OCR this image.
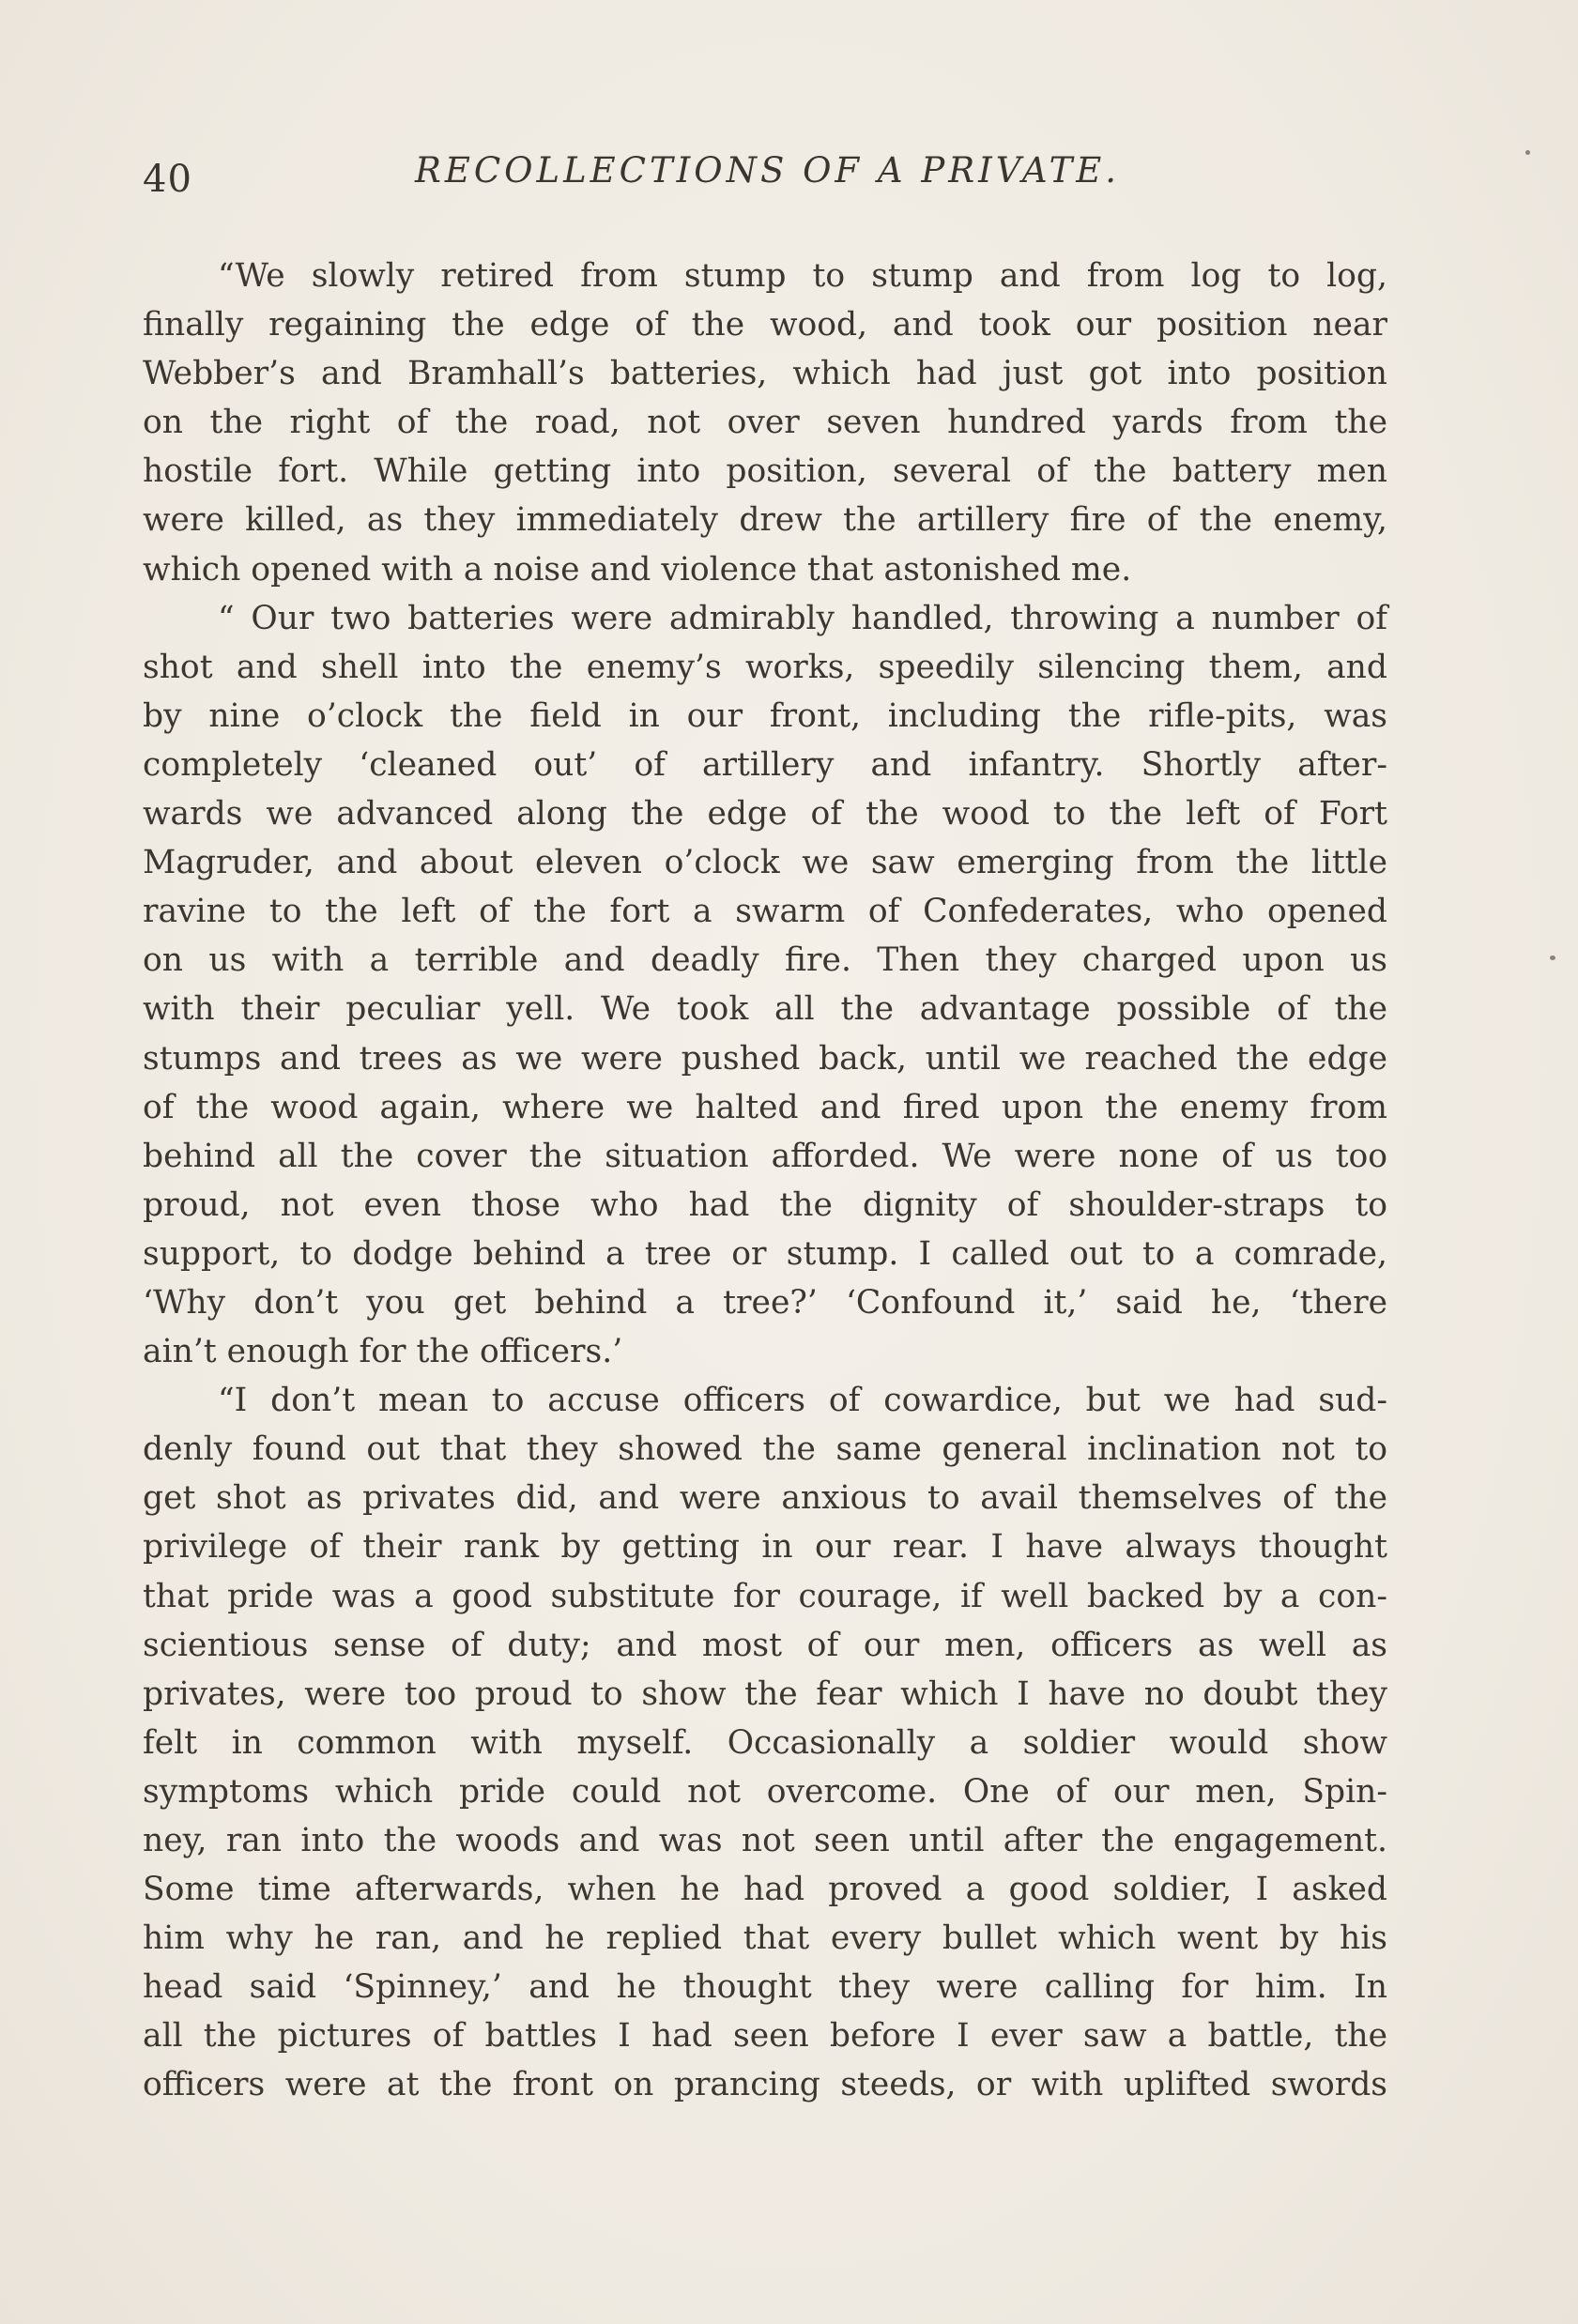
40	RECOLLECTIONS OF A PRIVATE.
“We slowly retired from stump to stump and from log to log,
finally regaining the edge of the wood, and took our position near
Webber’s and Bramhall’s batteries, which had just got into position
on the right of the road, not over seven hundred yards from the
hostile fort. While getting into position, several of the battery men
were killed, as they immediately drew the artillery fire of the enemy,
which opened with a noise and violence that astonished me.
“ Our two batteries were admirably handled, throwing a number of
shot and shell into the enemy’s works, speedily silencing them, and
by nine o’clock the field in our front, including the rifle-pits, was
completely ‘cleaned out’ of artillery and infantry. Shortly after-
wards we advanced along the edge of the wood to the left of Fort
Magruder, and about eleven o’clock we saw emerging from the little
ravine to the left of the fort a swarm of Confederates, who opened
on us with a terrible and deadly fire. Then they charged upon us
with their peculiar yell. We took all the advantage possible of the
stumps and trees as we were pushed back, until we reached the edge
of the wood again, where we halted and fired upon the enemy from
behind all the cover the situation afforded. We were none of us too
proud, not even those who had the dignity of shoulder-straps to
support, to dodge behind a tree or stump. I called out to a comrade,
‘Why don’t you get behind a tree?’ ‘Confound it,’ said he, ‘there
ain’t enough for the officers.’
“I don’t mean to accuse officers of cowardice, but we had sud-
denly found out that they showed the same general inclination not to
get shot as privates did, and were anxious to avail themselves of the
privilege of their rank by getting in our rear. I have always thought
that pride was a good substitute for courage, if well backed by a con-
scientious sense of duty; and most of our men, officers as well as
privates, were too proud to show the fear which I have no doubt they
felt in common with myself. Occasionally a soldier would show
symptoms which pride could not overcome. One of our men, Spin-
ney, ran into the woods and was not seen until after the engagement.
Some time afterwards, when he had proved a good soldier, I asked
him why he ran, and he replied that every bullet which went by his
head said ‘Spinney,’ and he thought they were calling for him. In
all the pictures of battles I had seen before I ever saw a battle, the
officers were at the front on prancing steeds, or with uplifted swords
